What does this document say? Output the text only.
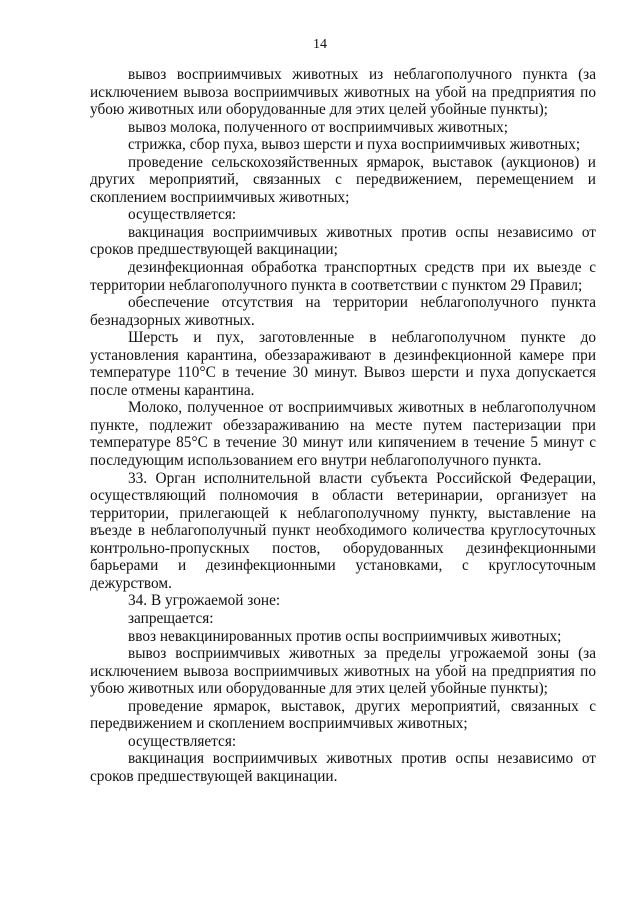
14

вывоз восприимчивых животных из неблагополучного пункта (за исключением вывоза восприимчивых животных на убой на предприятия по убою животных или оборудованные для этих целей убойные пункты);

вывоз молока, полученного от восприимчивых животных;

стрижка, сбор пуха, вывоз шерсти и пуха восприимчивых животных;

проведение сельскохозяйственных ярмарок, выставок (аукционов) и других мероприятий, связанных с передвижением, перемещением и скоплением восприимчивых животных;

осуществляется:

вакцинация восприимчивых животных против оспы независимо от сроков предшествующей вакцинации;

дезинфекционная обработка транспортных средств при их выезде с территории неблагополучного пункта в соответствии с пунктом 29 Правил;

обеспечение отсутствия на территории неблагополучного пункта безнадзорных животных.

Шерсть и пух, заготовленные в неблагополучном пункте до установления карантина, обеззараживают в дезинфекционной камере при температуре 110°С в течение 30 минут. Вывоз шерсти и пуха допускается после отмены карантина.

Молоко, полученное от восприимчивых животных в неблагополучном пункте, подлежит обеззараживанию на месте путем пастеризации при температуре 85°С в течение 30 минут или кипячением в течение 5 минут с последующим использованием его внутри неблагополучного пункта.

33. Орган исполнительной власти субъекта Российской Федерации, осуществляющий полномочия в области ветеринарии, организует на территории, прилегающей к неблагополучному пункту, выставление на въезде в неблагополучный пункт необходимого количества круглосуточных контрольно-пропускных постов, оборудованных дезинфекционными барьерами и дезинфекционными установками, с круглосуточным дежурством.

34. В угрожаемой зоне:

запрещается:

ввоз невакцинированных против оспы восприимчивых животных;

вывоз восприимчивых животных за пределы угрожаемой зоны (за исключением вывоза восприимчивых животных на убой на предприятия по убою животных или оборудованные для этих целей убойные пункты);

проведение ярмарок, выставок, других мероприятий, связанных с передвижением и скоплением восприимчивых животных;

осуществляется:

вакцинация восприимчивых животных против оспы независимо от сроков предшествующей вакцинации.
